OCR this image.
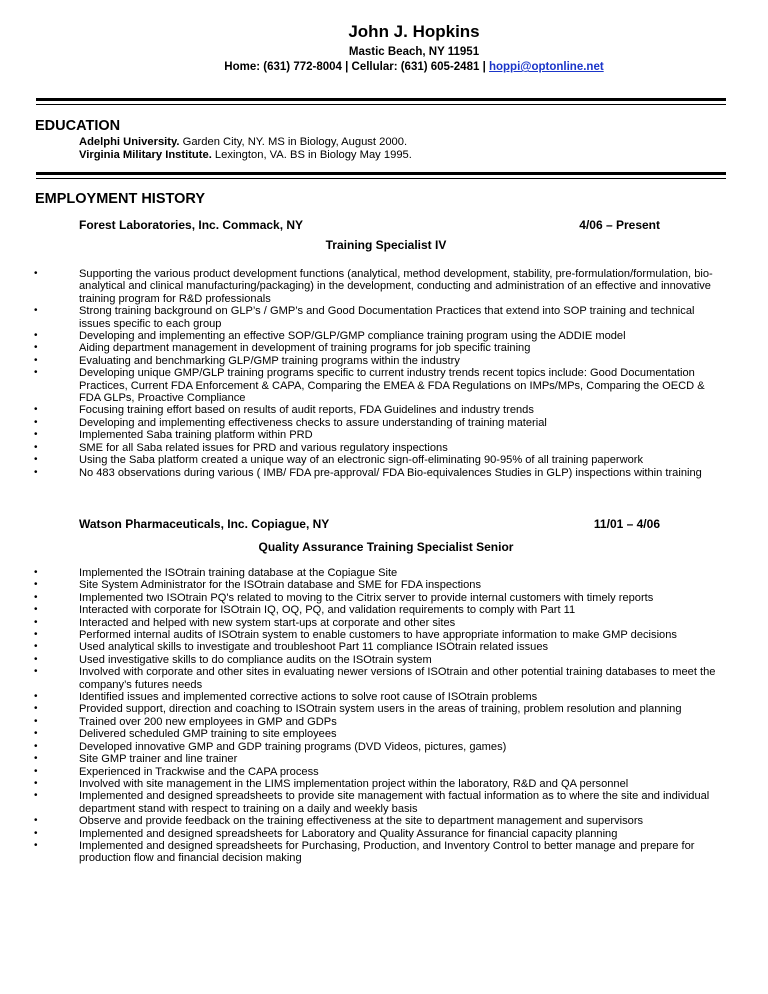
John J. Hopkins
Mastic Beach, NY 11951
Home: (631) 772-8004 | Cellular: (631) 605-2481 | hoppi@optonline.net
EDUCATION
Adelphi University. Garden City, NY. MS in Biology, August 2000.
Virginia Military Institute. Lexington, VA. BS in Biology May 1995.
EMPLOYMENT HISTORY
Forest Laboratories, Inc. Commack, NY	4/06 – Present
Training Specialist IV
•	Supporting the various product development functions (analytical, method development, stability, pre-formulation/formulation, bio-analytical and clinical manufacturing/packaging) in the development, conducting and administration of an effective and innovative training program for R&D professionals
•	Strong training background on GLP’s / GMP’s and Good Documentation Practices that extend into SOP training and technical issues specific to each group
•	Developing and implementing an effective SOP/GLP/GMP compliance training program using the ADDIE model
•	Aiding department management in development of training programs for job specific training
•	Evaluating and benchmarking GLP/GMP training programs within the industry
•	Developing unique GMP/GLP training programs specific to current industry trends recent topics include: Good Documentation Practices, Current FDA Enforcement & CAPA, Comparing the EMEA & FDA Regulations on IMPs/MPs, Comparing the OECD & FDA GLPs, Proactive Compliance
•	Focusing training effort based on results of audit reports, FDA Guidelines and industry trends
•	Developing and implementing effectiveness checks to assure understanding of training material
•	Implemented Saba training platform within PRD
•	SME for all Saba related issues for PRD and various regulatory inspections
•	Using the Saba platform created a unique way of an electronic sign-off-eliminating 90-95% of all training paperwork
•	No 483 observations during various ( IMB/ FDA pre-approval/ FDA Bio-equivalences Studies in GLP) inspections within training
Watson Pharmaceuticals, Inc. Copiague, NY	11/01 – 4/06
Quality Assurance Training Specialist Senior
•	Implemented the ISOtrain training database at the Copiague Site
•	Site System Administrator for the ISOtrain database and SME for FDA inspections
•	Implemented two ISOtrain PQ's related to moving to the Citrix server to provide internal customers with timely reports
•	Interacted with corporate for ISOtrain IQ, OQ, PQ, and validation requirements to comply with Part 11
•	Interacted and helped with new system start-ups at corporate and other sites
•	Performed internal audits of ISOtrain system to enable customers to have appropriate information to make GMP decisions
•	Used analytical skills to investigate and troubleshoot Part 11 compliance ISOtrain related issues
•	Used investigative skills to do compliance audits on the ISOtrain system
•	Involved with corporate and other sites in evaluating newer versions of ISOtrain and other potential training databases to meet the company’s futures needs
•	Identified issues and implemented corrective actions to solve root cause of ISOtrain problems
•	Provided support, direction and coaching to ISOtrain system users in the areas of training, problem resolution and planning
•	Trained over 200 new employees in GMP and GDPs
•	Delivered scheduled GMP training to site employees
•	Developed innovative GMP and GDP training programs (DVD Videos, pictures, games)
•	Site GMP trainer and line trainer
•	Experienced in Trackwise and the CAPA process
•	Involved with site management in the LIMS implementation project within the laboratory, R&D and QA personnel
•	Implemented and designed spreadsheets to provide site management with factual information as to where the site and individual department stand with respect to training on a daily and weekly basis
•	Observe and provide feedback on the training effectiveness at the site to department management and supervisors
•	Implemented and designed spreadsheets for Laboratory and Quality Assurance for financial capacity planning
•	Implemented and designed spreadsheets for Purchasing, Production, and Inventory Control to better manage and prepare for production flow and financial decision making
